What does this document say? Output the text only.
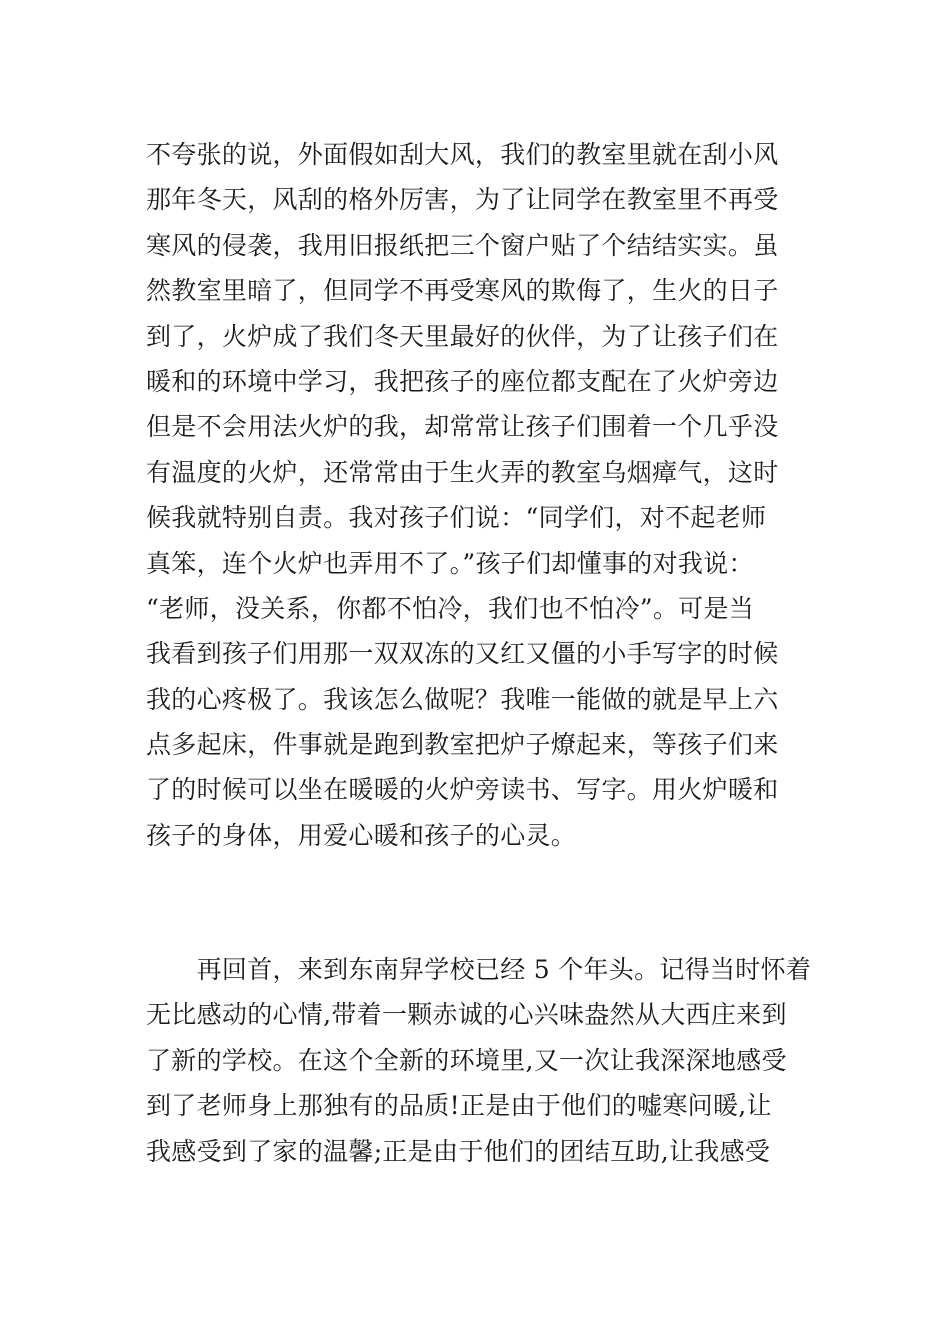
不夸张的说，外面假如刮大风，我们的教室里就在刮小风
那年冬天，风刮的格外厉害，为了让同学在教室里不再受
寒风的侵袭，我用旧报纸把三个窗户贴了个结结实实。虽
然教室里暗了，但同学不再受寒风的欺侮了，生火的日子
到了，火炉成了我们冬天里最好的伙伴，为了让孩子们在
暖和的环境中学习，我把孩子的座位都支配在了火炉旁边
但是不会用法火炉的我，却常常让孩子们围着一个几乎没
有温度的火炉，还常常由于生火弄的教室乌烟瘴气，这时
候我就特别自责。我对孩子们说：“同学们，对不起老师
真笨，连个火炉也弄用不了。”孩子们却懂事的对我说：
“老师，没关系，你都不怕冷，我们也不怕冷”。可是当
我看到孩子们用那一双双冻的又红又僵的小手写字的时候
我的心疼极了。我该怎么做呢？我唯一能做的就是早上六
点多起床，件事就是跑到教室把炉子燎起来，等孩子们来
了的时候可以坐在暖暖的火炉旁读书、写字。用火炉暖和
孩子的身体，用爱心暖和孩子的心灵。
　　再回首，来到东南舁学校已经 5 个年头。记得当时怀着
无比感动的心情,带着一颗赤诚的心兴味盎然从大西庄来到
了新的学校。在这个全新的环境里,又一次让我深深地感受
到了老师身上那独有的品质!正是由于他们的嘘寒问暖,让
我感受到了家的温馨;正是由于他们的团结互助,让我感受
